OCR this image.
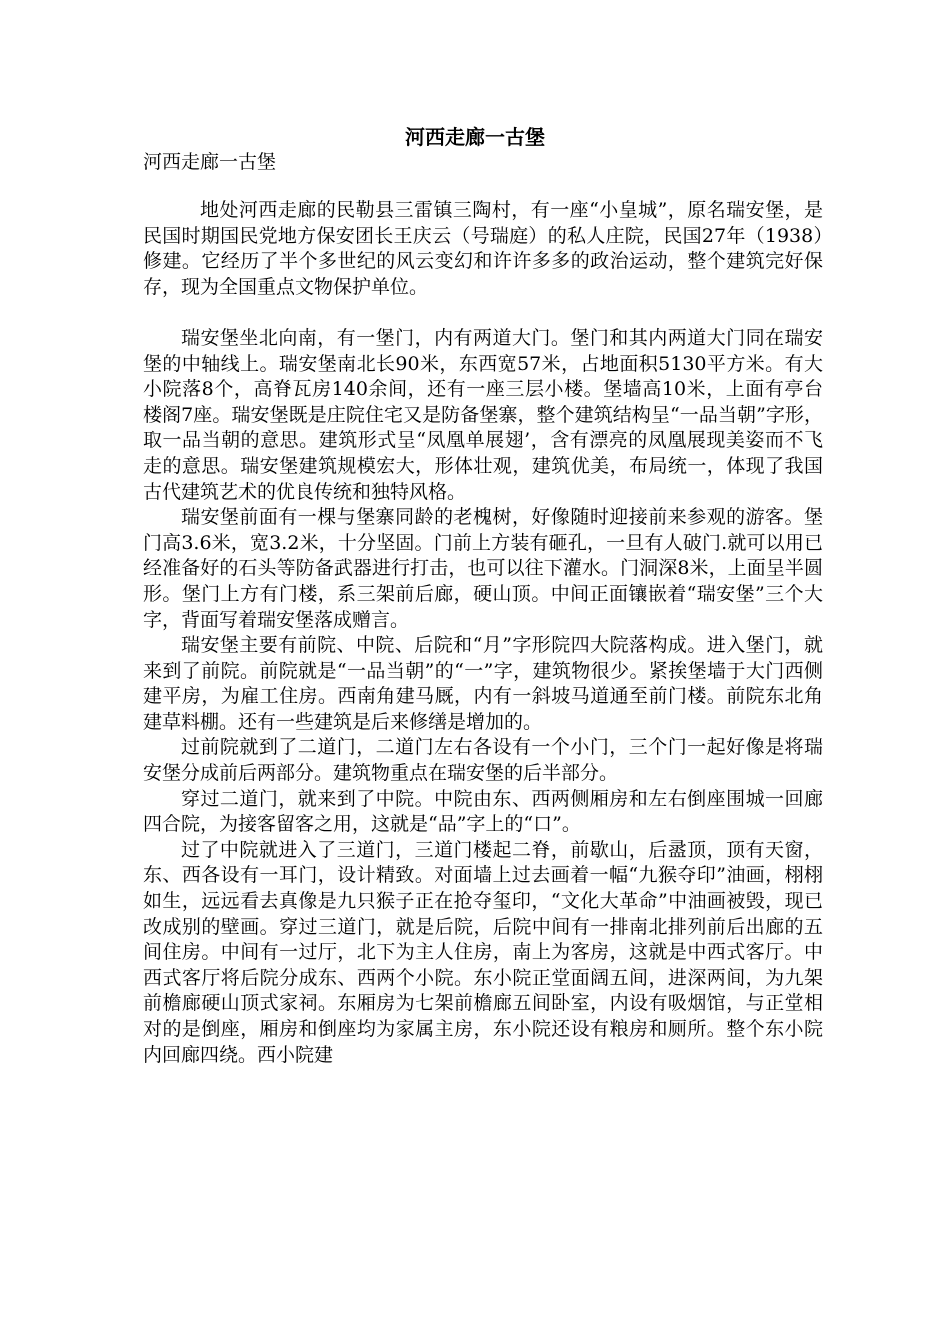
河西走廊一古堡
河西走廊一古堡

地处河西走廊的民勒县三雷镇三陶村，有一座“小皇城”，原名瑞安堡，是民国时期国民党地方保安团长王庆云（号瑞庭）的私人庄院，民国27年（1938）修建。它经历了半个多世纪的风云变幻和许许多多的政治运动，整个建筑完好保存，现为全国重点文物保护单位。

瑞安堡坐北向南，有一堡门，内有两道大门。堡门和其内两道大门同在瑞安堡的中轴线上。瑞安堡南北长90米，东西宽57米，占地面积5130平方米。有大小院落8个，高脊瓦房140余间，还有一座三层小楼。堡墙高10米，上面有亭台楼阁7座。瑞安堡既是庄院住宅又是防备堡寨，整个建筑结构呈“一品当朝”字形，取一品当朝的意思。建筑形式呈“凤凰单展翅’，含有漂亮的凤凰展现美姿而不飞走的意思。瑞安堡建筑规模宏大，形体壮观，建筑优美，布局统一，体现了我国古代建筑艺术的优良传统和独特风格。

瑞安堡前面有一棵与堡寨同龄的老槐树，好像随时迎接前来参观的游客。堡门高3.6米，宽3.2米，十分坚固。门前上方装有砸孔，一旦有人破门.就可以用已经准备好的石头等防备武器进行打击，也可以往下灌水。门洞深8米，上面呈半圆形。堡门上方有门楼，系三架前后廊，硬山顶。中间正面镶嵌着“瑞安堡”三个大字，背面写着瑞安堡落成赠言。

瑞安堡主要有前院、中院、后院和“月”字形院四大院落构成。进入堡门，就来到了前院。前院就是“一品当朝”的“一”字，建筑物很少。紧挨堡墙于大门西侧建平房，为雇工住房。西南角建马厩，内有一斜坡马道通至前门楼。前院东北角建草料棚。还有一些建筑是后来修缮是增加的。

过前院就到了二道门，二道门左右各设有一个小门，三个门一起好像是将瑞安堡分成前后两部分。建筑物重点在瑞安堡的后半部分。

穿过二道门，就来到了中院。中院由东、西两侧厢房和左右倒座围城一回廊四合院，为接客留客之用，这就是“品”字上的“口”。

过了中院就进入了三道门，三道门楼起二脊，前歇山，后盝顶，顶有天窗，东、西各设有一耳门，设计精致。对面墙上过去画着一幅“九猴夺印”油画，栩栩如生，远远看去真像是九只猴子正在抢夺玺印，“文化大革命”中油画被毁，现已改成别的壁画。穿过三道门，就是后院，后院中间有一排南北排列前后出廊的五间住房。中间有一过厅，北下为主人住房，南上为客房，这就是中西式客厅。中西式客厅将后院分成东、西两个小院。东小院正堂面阔五间，进深两间，为九架前檐廊硬山顶式家祠。东厢房为七架前檐廊五间卧室，内设有吸烟馆，与正堂相对的是倒座，厢房和倒座均为家属主房，东小院还设有粮房和厕所。整个东小院内回廊四绕。西小院建
